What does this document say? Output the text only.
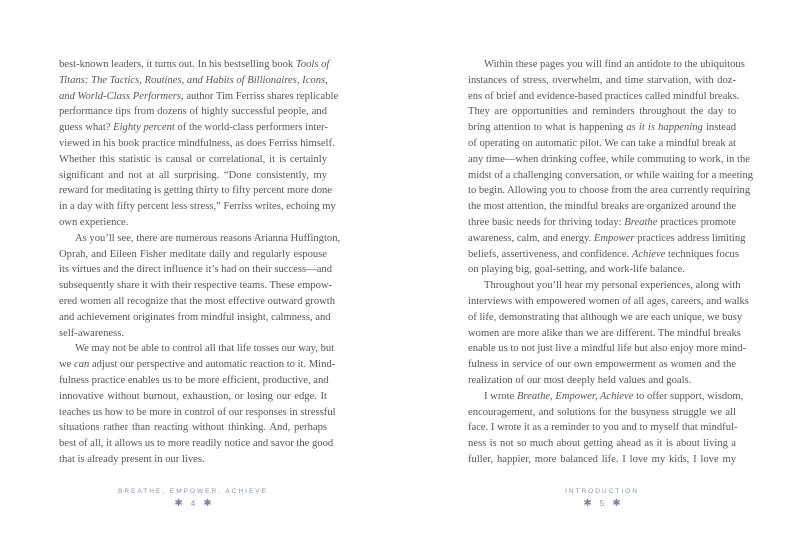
best-known leaders, it turns out. In his bestselling book Tools of
Titans: The Tactics, Routines, and Habits of Billionaires, Icons,
and World-Class Performers, author Tim Ferriss shares replicable
performance tips from dozens of highly successful people, and
guess what? Eighty percent of the world-class performers inter-
viewed in his book practice mindfulness, as does Ferriss himself.
Whether this statistic is causal or correlational, it is certainly
significant and not at all surprising. “Done consistently, my
reward for meditating is getting thirty to fifty percent more done
in a day with fifty percent less stress,” Ferriss writes, echoing my
own experience.
As you’ll see, there are numerous reasons Arianna Huffington,
Oprah, and Eileen Fisher meditate daily and regularly espouse
its virtues and the direct influence it’s had on their success—and
subsequently share it with their respective teams. These empow-
ered women all recognize that the most effective outward growth
and achievement originates from mindful insight, calmness, and
self-awareness.
We may not be able to control all that life tosses our way, but
we can adjust our perspective and automatic reaction to it. Mind-
fulness practice enables us to be more efficient, productive, and
innovative without burnout, exhaustion, or losing our edge. It
teaches us how to be more in control of our responses in stressful
situations rather than reacting without thinking. And, perhaps
best of all, it allows us to more readily notice and savor the good
that is already present in our lives.
BREATHE, EMPOWER, ACHIEVE
✱ 4 ✱
Within these pages you will find an antidote to the ubiquitous
instances of stress, overwhelm, and time starvation, with doz-
ens of brief and evidence-based practices called mindful breaks.
They are opportunities and reminders throughout the day to
bring attention to what is happening as it is happening instead
of operating on automatic pilot. We can take a mindful break at
any time—when drinking coffee, while commuting to work, in the
midst of a challenging conversation, or while waiting for a meeting
to begin. Allowing you to choose from the area currently requiring
the most attention, the mindful breaks are organized around the
three basic needs for thriving today: Breathe practices promote
awareness, calm, and energy. Empower practices address limiting
beliefs, assertiveness, and confidence. Achieve techniques focus
on playing big, goal-setting, and work-life balance.
Throughout you’ll hear my personal experiences, along with
interviews with empowered women of all ages, careers, and walks
of life, demonstrating that although we are each unique, we busy
women are more alike than we are different. The mindful breaks
enable us to not just live a mindful life but also enjoy more mind-
fulness in service of our own empowerment as women and the
realization of our most deeply held values and goals.
I wrote Breathe, Empower, Achieve to offer support, wisdom,
encouragement, and solutions for the busyness struggle we all
face. I wrote it as a reminder to you and to myself that mindful-
ness is not so much about getting ahead as it is about living a
fuller, happier, more balanced life. I love my kids, I love my
INTRODUCTION
✱ 5 ✱
